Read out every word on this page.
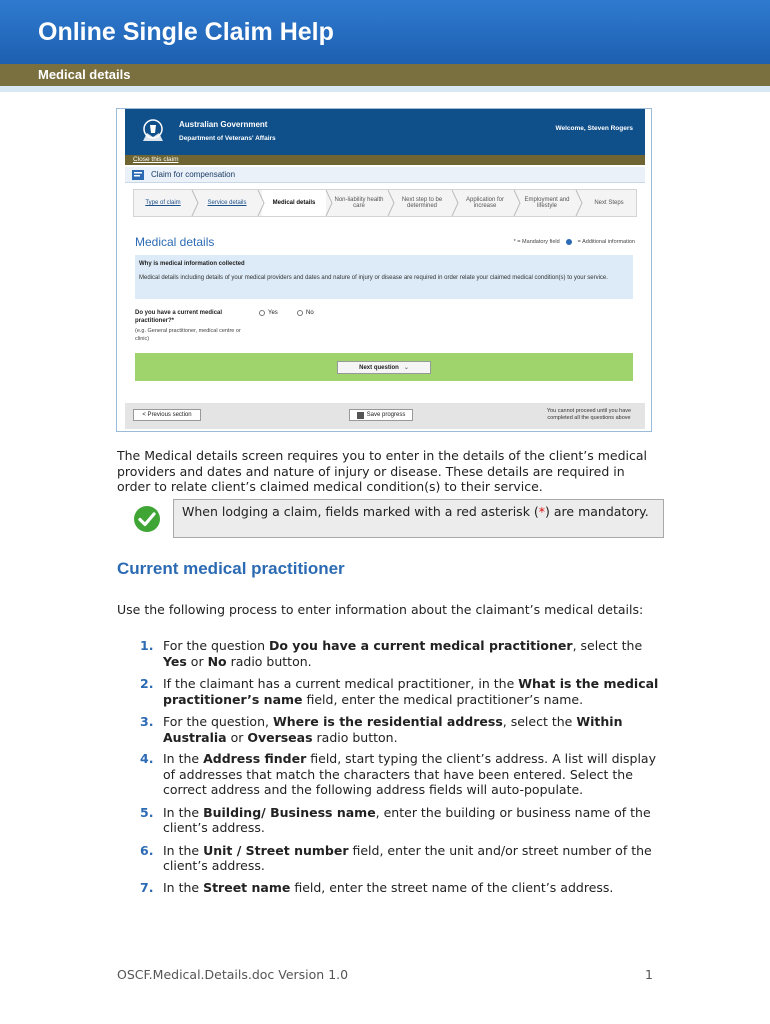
Online Single Claim Help
Medical details
Australian Government
Department of Veterans' Affairs
Welcome, Steven Rogers
Close this claim
Claim for compensation
Type of claim	Service details	Medical details
Non-liability health care
Next step to be determined
Application for increase
Employment and lifestyle
Next Steps
Medical details	* = Mandatory field	= Additional information
Why is medical information collected
Medical details including details of your medical providers and dates and nature of injury or disease are required in order relate your claimed medical condition(s) to your service.
Do you have a current medical practitioner?*
(e.g. General practitioner, medical centre or clinic)
Yes	No
Next question ⌄
< Previous section	Save progress
You cannot proceed until you have completed all the questions above

The Medical details screen requires you to enter in the details of the client’s medical providers and dates and nature of injury or disease. These details are required in order to relate client’s claimed medical condition(s) to their service.

When lodging a claim, fields marked with a red asterisk (*) are mandatory.
Current medical practitioner

Use the following process to enter information about the claimant’s medical details:

1. For the question Do you have a current medical practitioner, select the Yes or No radio button.
2. If the claimant has a current medical practitioner, in the What is the medical practitioner’s name field, enter the medical practitioner’s name.
3. For the question, Where is the residential address, select the Within Australia or Overseas radio button.
4. In the Address finder field, start typing the client’s address. A list will display of addresses that match the characters that have been entered. Select the correct address and the following address fields will auto-populate.
5. In the Building/ Business name, enter the building or business name of the client’s address.
6. In the Unit / Street number field, enter the unit and/or street number of the client’s address.
7. In the Street name field, enter the street name of the client’s address.
OSCF.Medical.Details.doc Version 1.0	1
